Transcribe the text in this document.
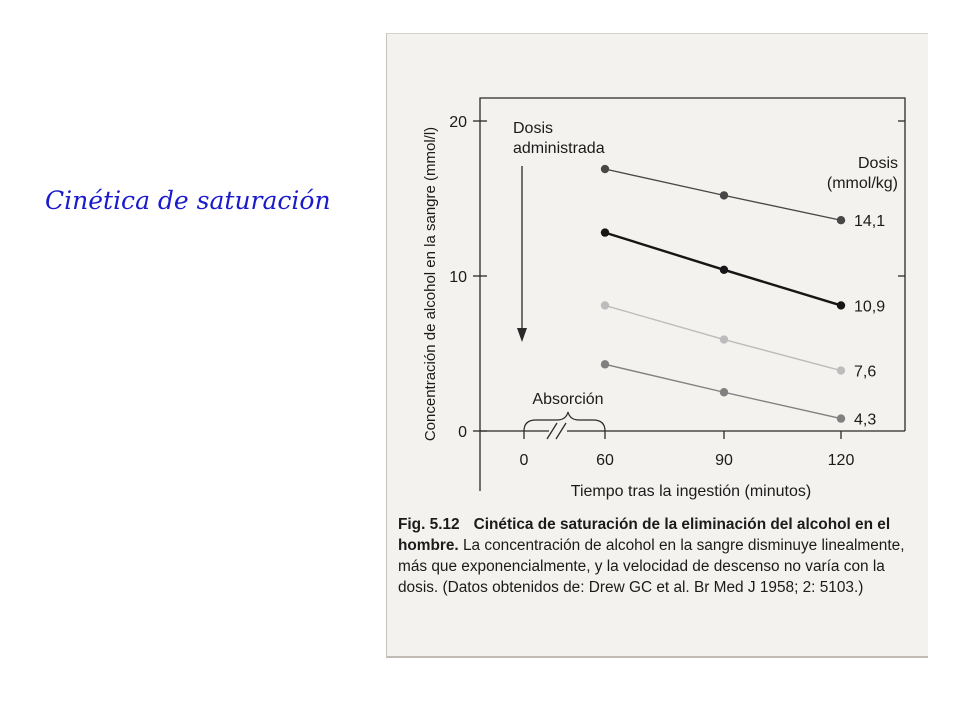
Cinética de saturación	Concentración de alcohol en la sangre (mmol/l)
Tiempo tras la ingestión (minutos)
Dosis administrada
Dosis (mmol/kg)
Absorción
0
10
20
0	60	90	120
14,1
10,9
7,6
4,3
Fig. 5.12 Cinética de saturación de la eliminación del alcohol en el hombre. La concentración de alcohol en la sangre disminuye linealmente, más que exponencialmente, y la velocidad de descenso no varía con la dosis. (Datos obtenidos de: Drew GC et al. Br Med J 1958; 2: 5103.)
